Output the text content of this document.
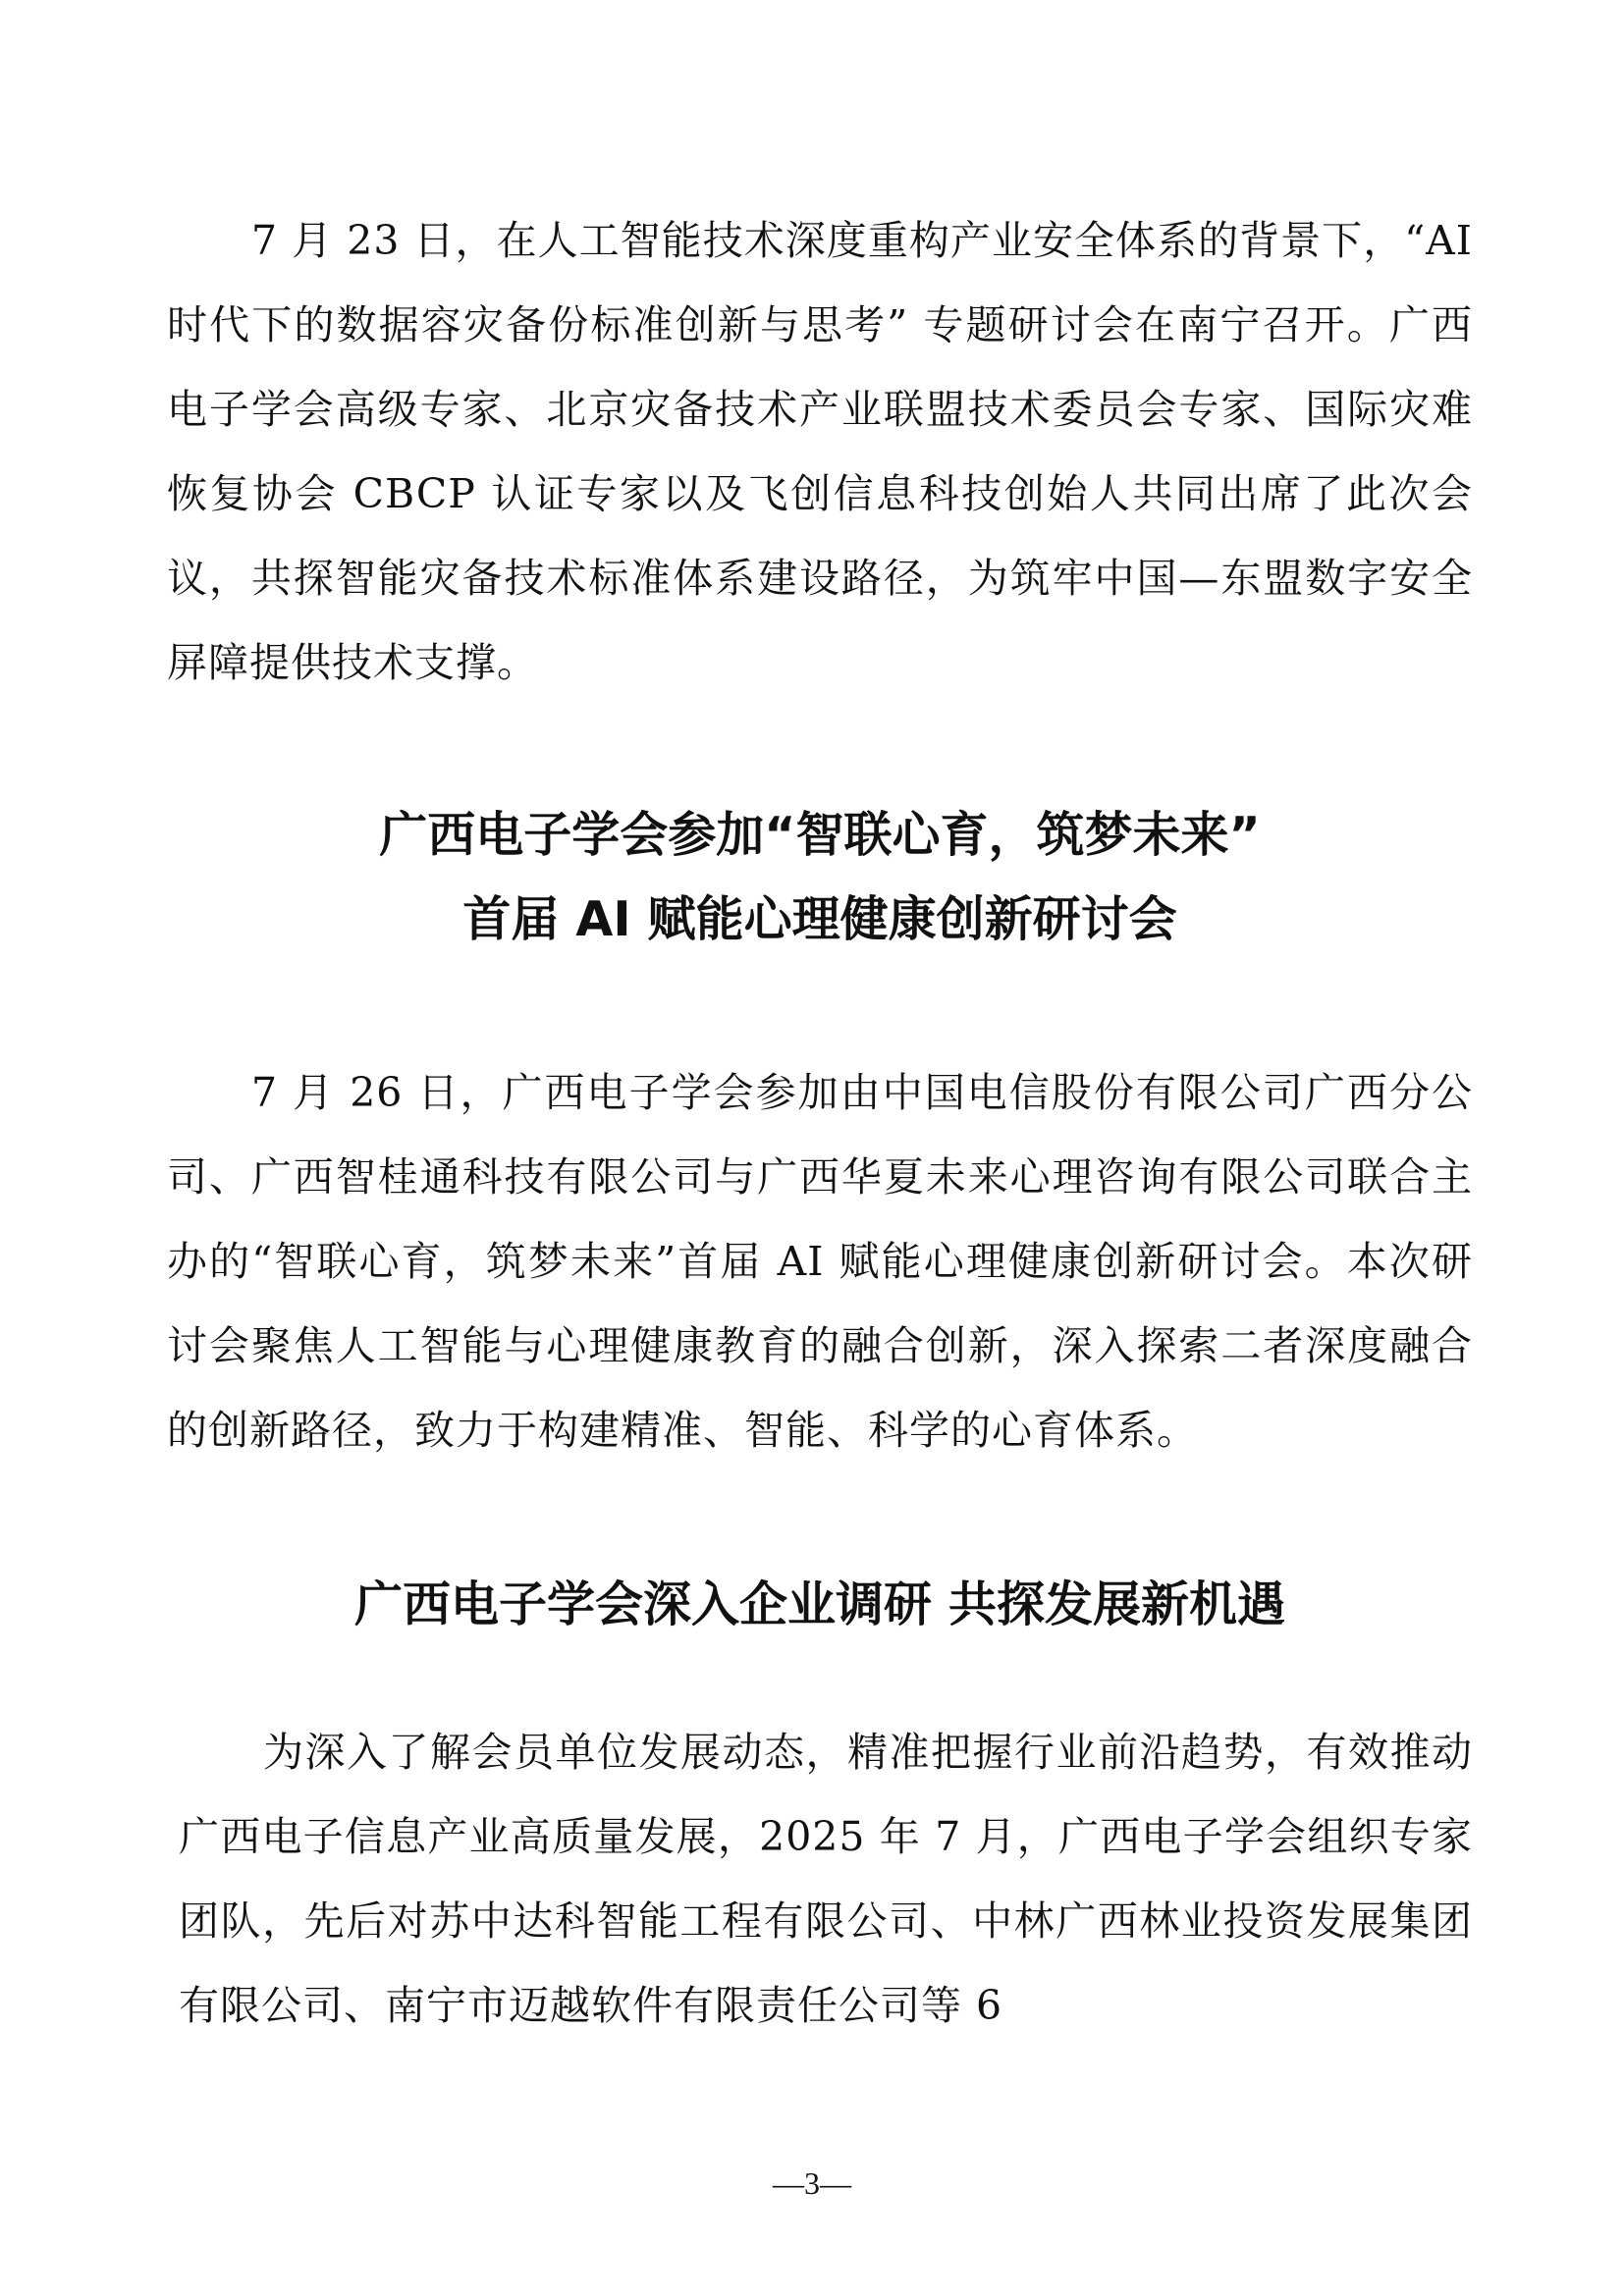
7 月 23 日，在人工智能技术深度重构产业安全体系的背景下，“AI 时代下的数据容灾备份标准创新与思考” 专题研讨会在南宁召开。广西电子学会高级专家、北京灾备技术产业联盟技术委员会专家、国际灾难恢复协会 CBCP 认证专家以及飞创信息科技创始人共同出席了此次会议，共探智能灾备技术标准体系建设路径，为筑牢中国—东盟数字安全屏障提供技术支撑。

广西电子学会参加“智联心育，筑梦未来”
首届 AI 赋能心理健康创新研讨会

7 月 26 日，广西电子学会参加由中国电信股份有限公司广西分公司、广西智桂通科技有限公司与广西华夏未来心理咨询有限公司联合主办的“智联心育，筑梦未来”首届 AI 赋能心理健康创新研讨会。本次研讨会聚焦人工智能与心理健康教育的融合创新，深入探索二者深度融合的创新路径，致力于构建精准、智能、科学的心育体系。

广西电子学会深入企业调研 共探发展新机遇

为深入了解会员单位发展动态，精准把握行业前沿趋势，有效推动广西电子信息产业高质量发展，2025 年 7 月，广西电子学会组织专家团队，先后对苏中达科智能工程有限公司、中林广西林业投资发展集团有限公司、南宁市迈越软件有限责任公司等 6

—3—
